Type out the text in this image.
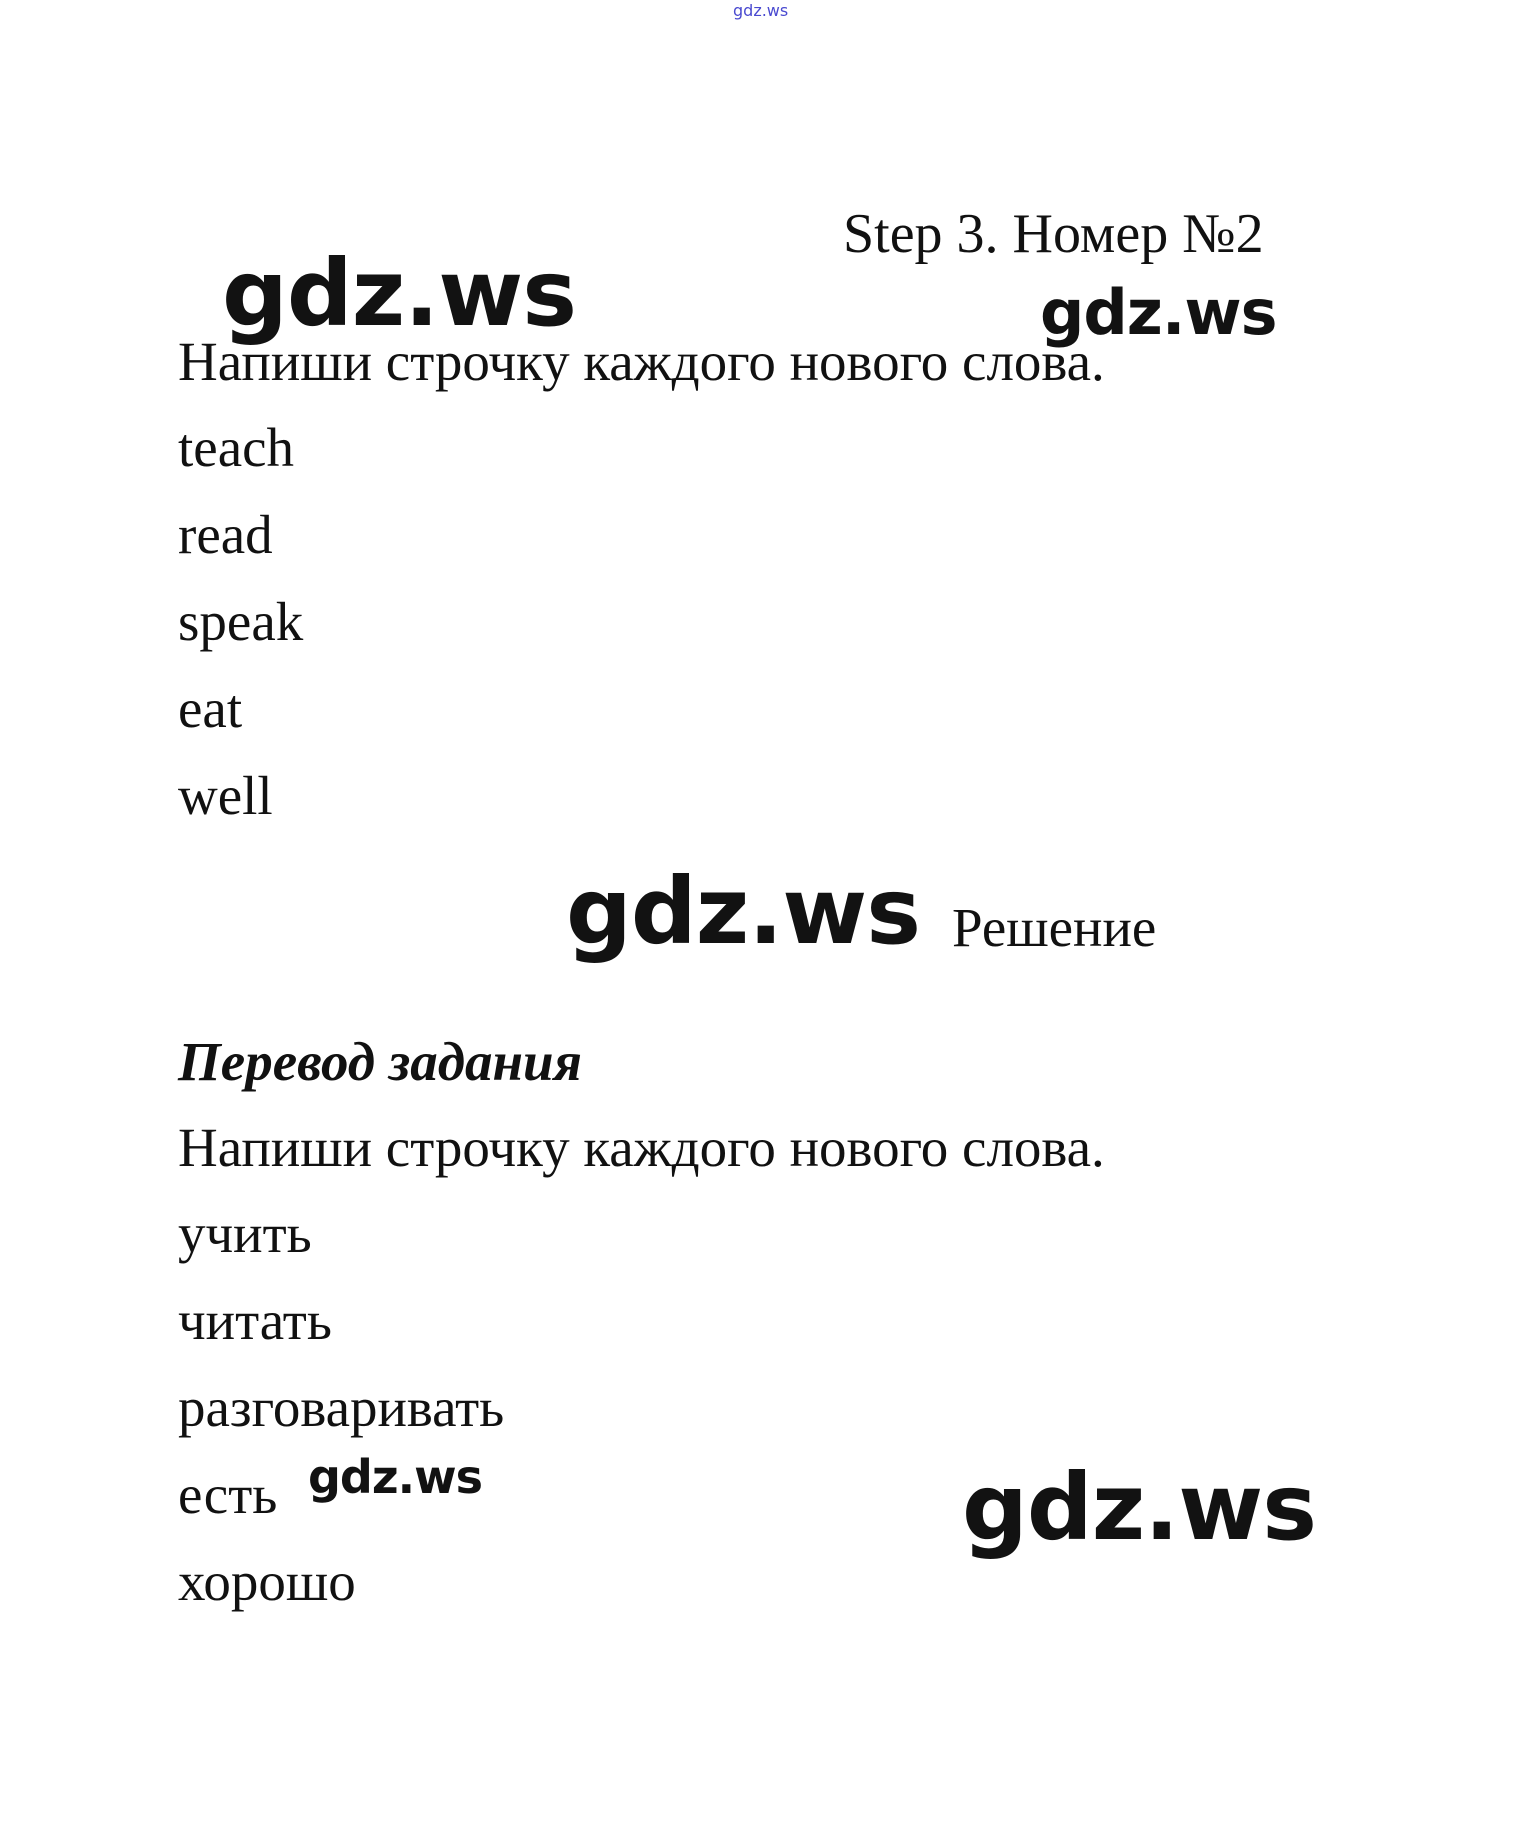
gdz.ws
Step 3. Номер №2
gdz.ws	gdz.ws
Напиши строчку каждого нового слова.
teach
read
speak
eat
well
gdz.ws Решение
Перевод задания
Напиши строчку каждого нового слова.
учить
читать
разговаривать
есть
хорошо
gdz.ws	gdz.ws
